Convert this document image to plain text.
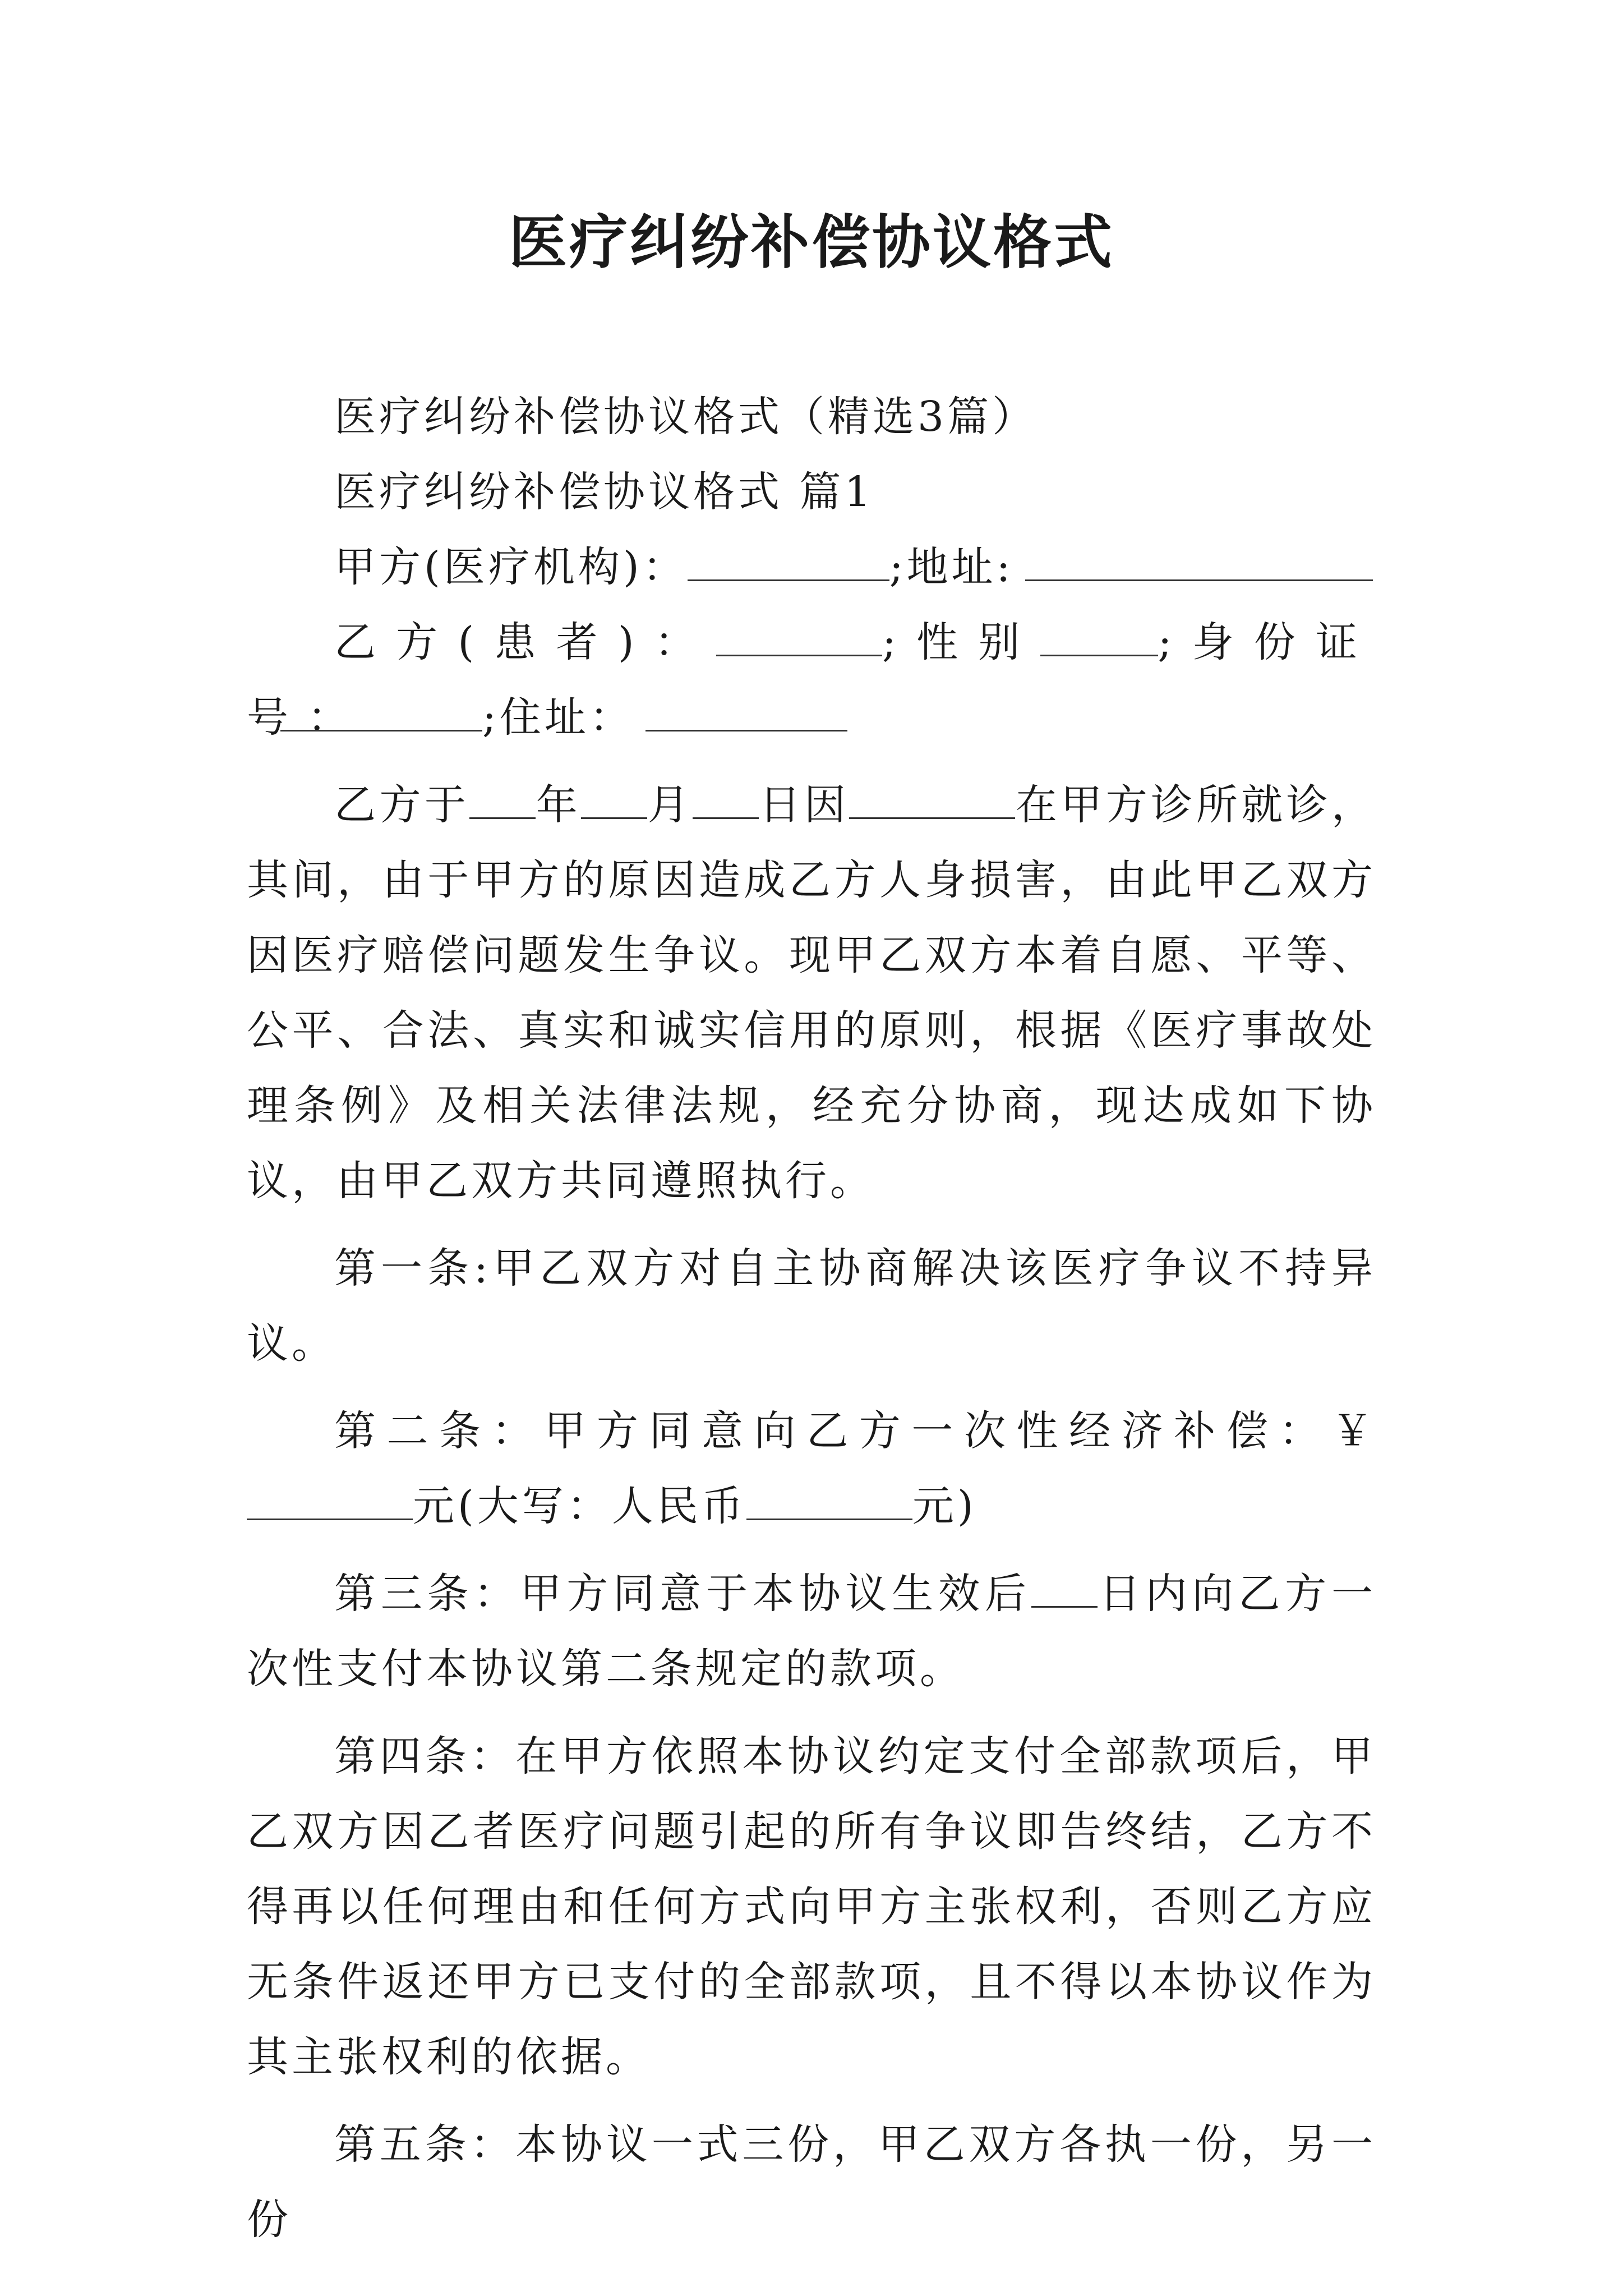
医疗纠纷补偿协议格式

医疗纠纷补偿协议格式（精选3篇）

医疗纠纷补偿协议格式 篇1

甲方(医疗机构)：	;地址:

乙方(患者)：	;性别	;身份证号：	;住址：

乙方于 年 月 日因	在甲方诊所就诊，其间，由于甲方的原因造成乙方人身损害，由此甲乙双方因医疗赔偿问题发生争议。现甲乙双方本着自愿、平等、公平、合法、真实和诚实信用的原则，根据《医疗事故处理条例》及相关法律法规，经充分协商，现达成如下协议，由甲乙双方共同遵照执行。

第一条:甲乙双方对自主协商解决该医疗争议不持异议。

第二条：甲方同意向乙方一次性经济补偿：￥元(大写：人民币	元)

第三条：甲方同意于本协议生效后 日内向乙方一次性支付本协议第二条规定的款项。

第四条：在甲方依照本协议约定支付全部款项后，甲乙双方因乙者医疗问题引起的所有争议即告终结，乙方不得再以任何理由和任何方式向甲方主张权利，否则乙方应无条件返还甲方已支付的全部款项，且不得以本协议作为其主张权利的依据。

第五条：本协议一式三份，甲乙双方各执一份，另一份
